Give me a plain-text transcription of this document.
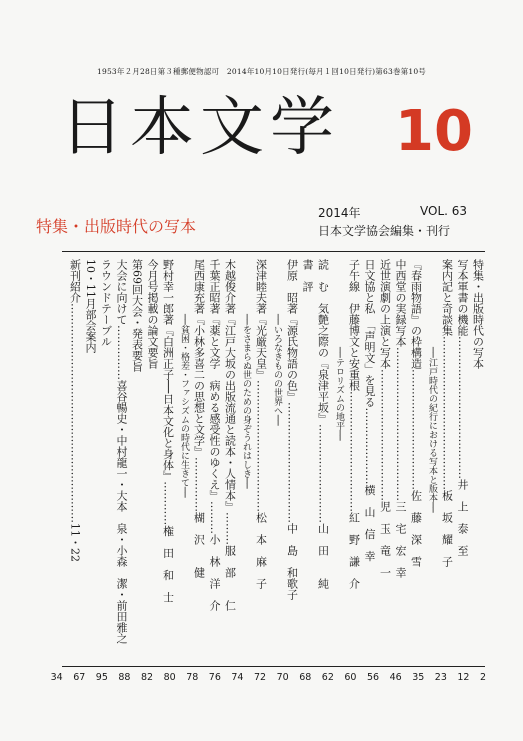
1953年２月28日第３種郵便物認可　2014年10月10日発行(毎月１回10日発行)第63巻第10号
日本文学 10
特集・出版時代の写本
2014年	VOL. 63
日本文学協会編集・刊行
特集・出版時代の写本
写本軍書の機能…………………………………井　上　泰　至
案内記と奇談集……………………………………板　坂　耀　子
　　　　　　　　──江戸時代の紀行における写本と版本──
『春雨物語』の枠構造……………………………佐　藤　深　雪
中西堂の実録写本……………………………………三　宅　宏　幸
近世演劇の上演と写本………………………………児　玉　竜　一
日文協と私　「声明文」を見る…………………横　山　信　幸
子午線　伊藤博文と安重根……………………………紅　野　謙　介
　　　　　　　　──テロリズムの地平──
読　む　気艶之際の『泉津平坂』………………………山　田　　純
書　評
伊原　昭著『源氏物語の色』……………………………中　島　和歌子
　　　　　──いろなきものの世界へ──
深津睦夫著『光厳天皇』………………………………松　本　麻　子
　　　　　──をさまらぬ世のための身ぞうれはしき──
木越俊介著『江戸大坂の出版流通と読本・人情本』………服　部　　仁
千葉正昭著『薬と文学　病める感受性のゆくえ』………小　林　洋　介
尾西康充著『小林多喜二の思想と文学』……………楜　沢　　健
　　　　　──貧困・格差・ファシズムの時代に生きて──
野村幸一郎著『白洲正子──日本文化と身体』…………権　田　和　士
今月号掲載の論文要旨
第69回大会・発表要旨
大会に向けて……………喜谷暢史・中村龍一・大本　泉・小森　潔・前田雅之
ラウンドテーブル
10・11月部会案内
新刊紹介……………………………………………………11・22
2
12
23
35
46
56
60
62
68
70
72
74
76
78
80
82
88
95
67
34
